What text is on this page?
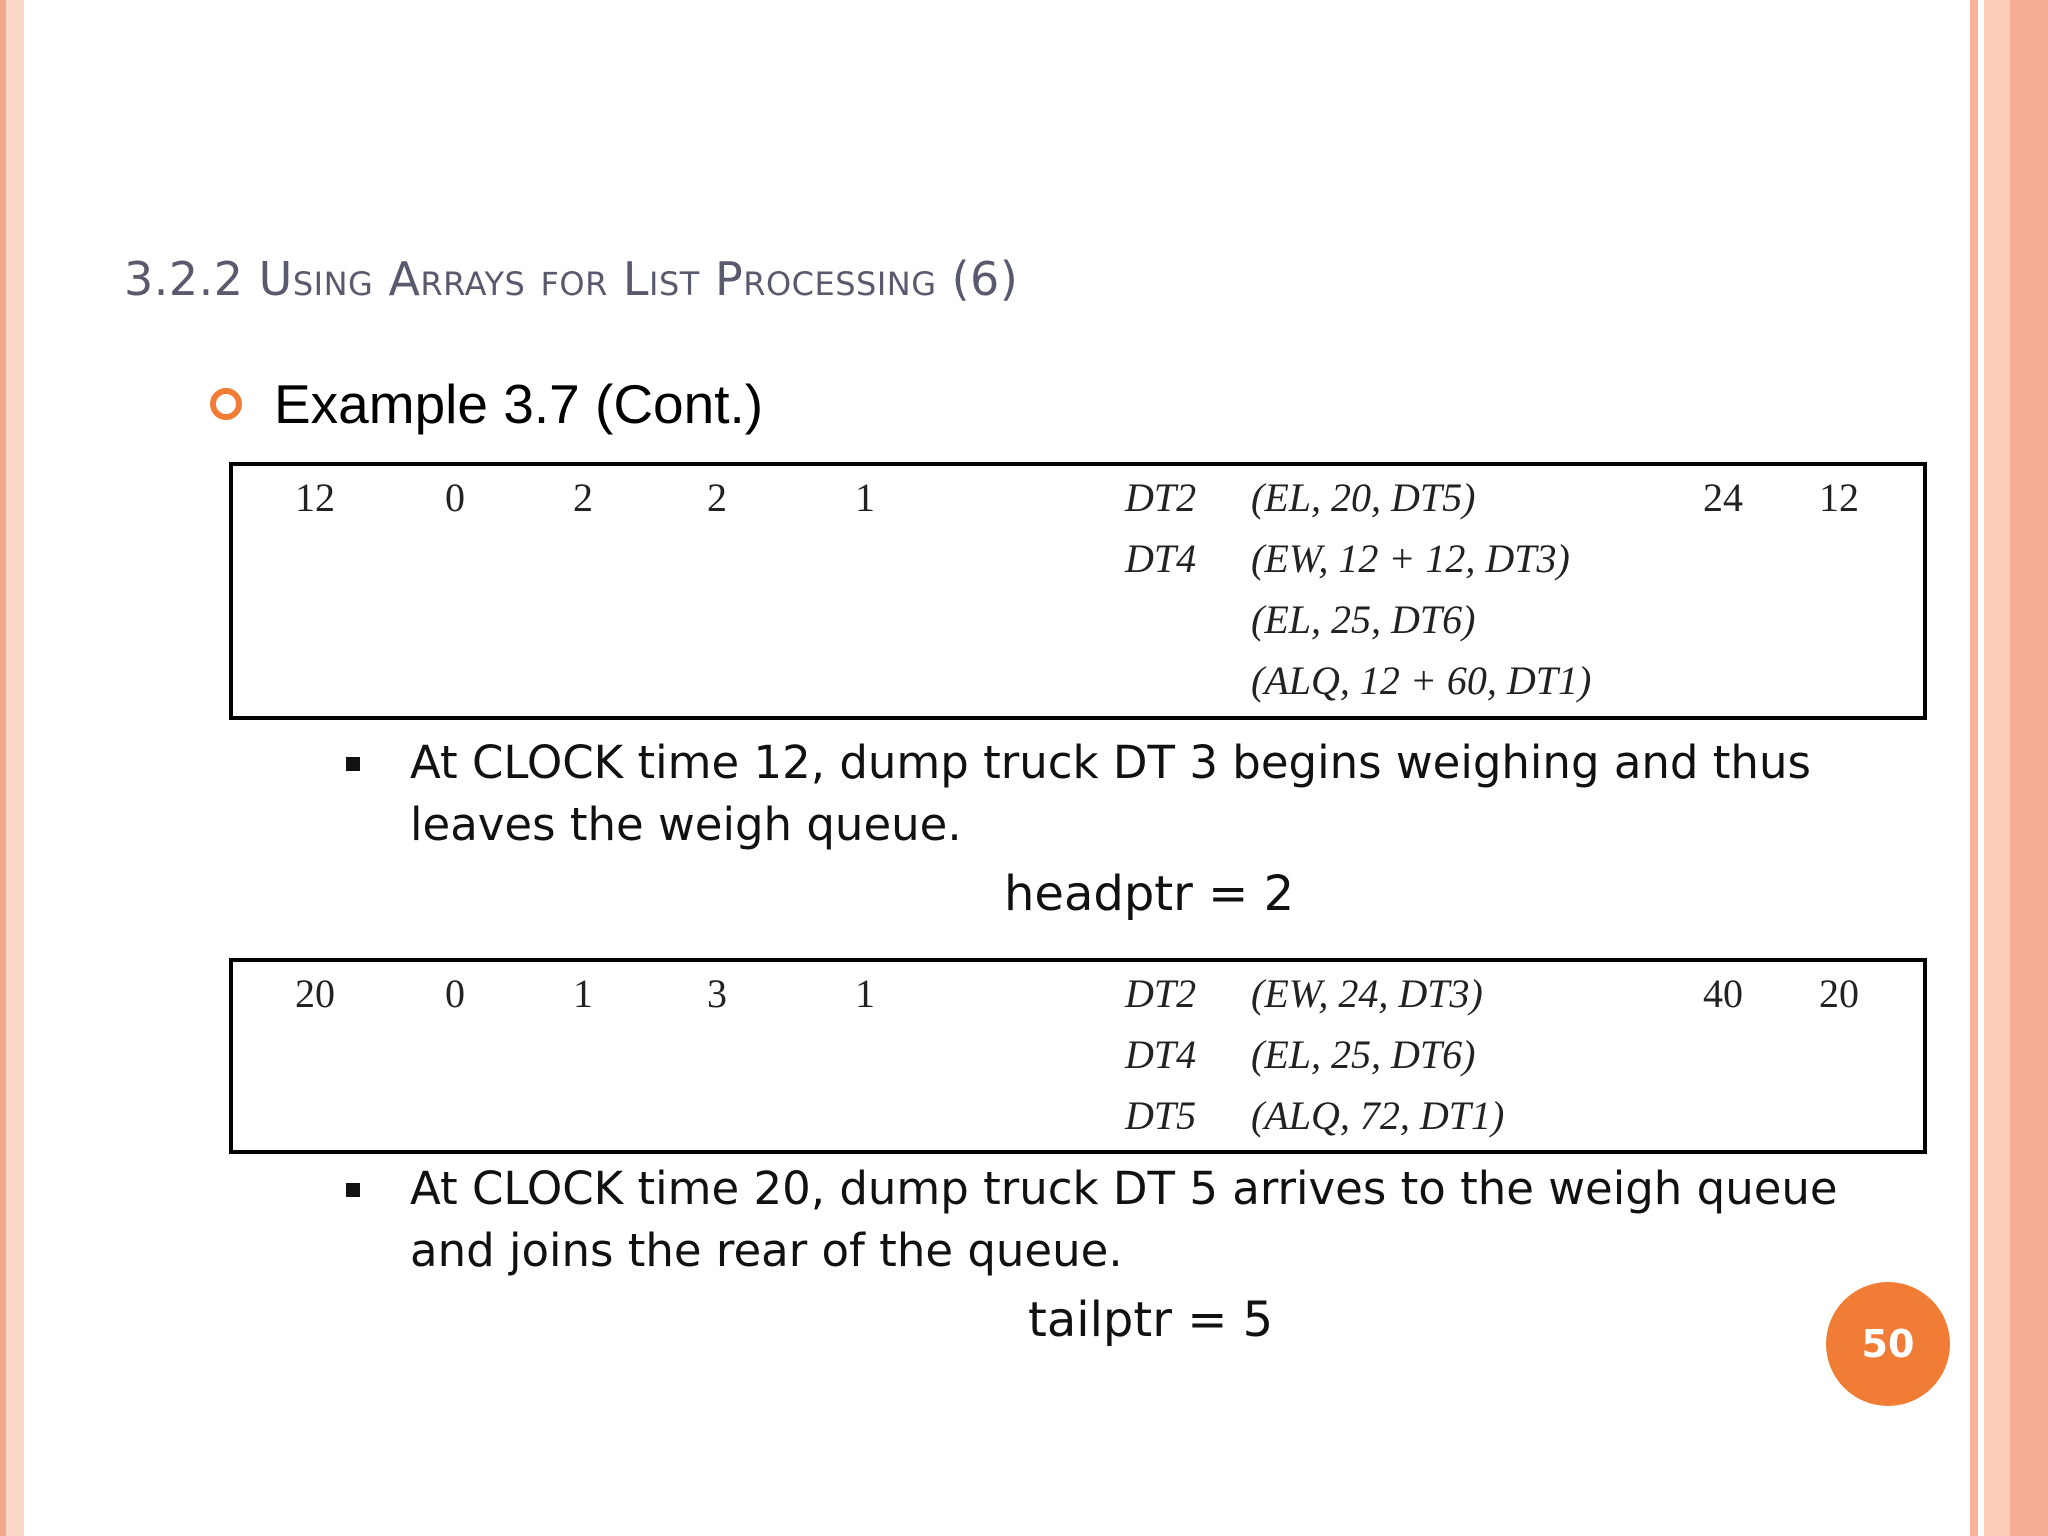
3.2.2 Using Arrays for List Processing (6)
Example 3.7 (Cont.)
12	0	2	2	1	DT2 (EL, 20, DT5)	24 12
DT4 (EW, 12 + 12, DT3)
(EL, 25, DT6)
(ALQ, 12 + 60, DT1)
At CLOCK time 12, dump truck DT 3 begins weighing and thus leaves the weigh queue.
headptr = 2
20	0	1	3	1	DT2 (EW, 24, DT3)	40 20
DT4 (EL, 25, DT6)
DT5 (ALQ, 72, DT1)
At CLOCK time 20, dump truck DT 5 arrives to the weigh queue and joins the rear of the queue.
tailptr = 5	50
